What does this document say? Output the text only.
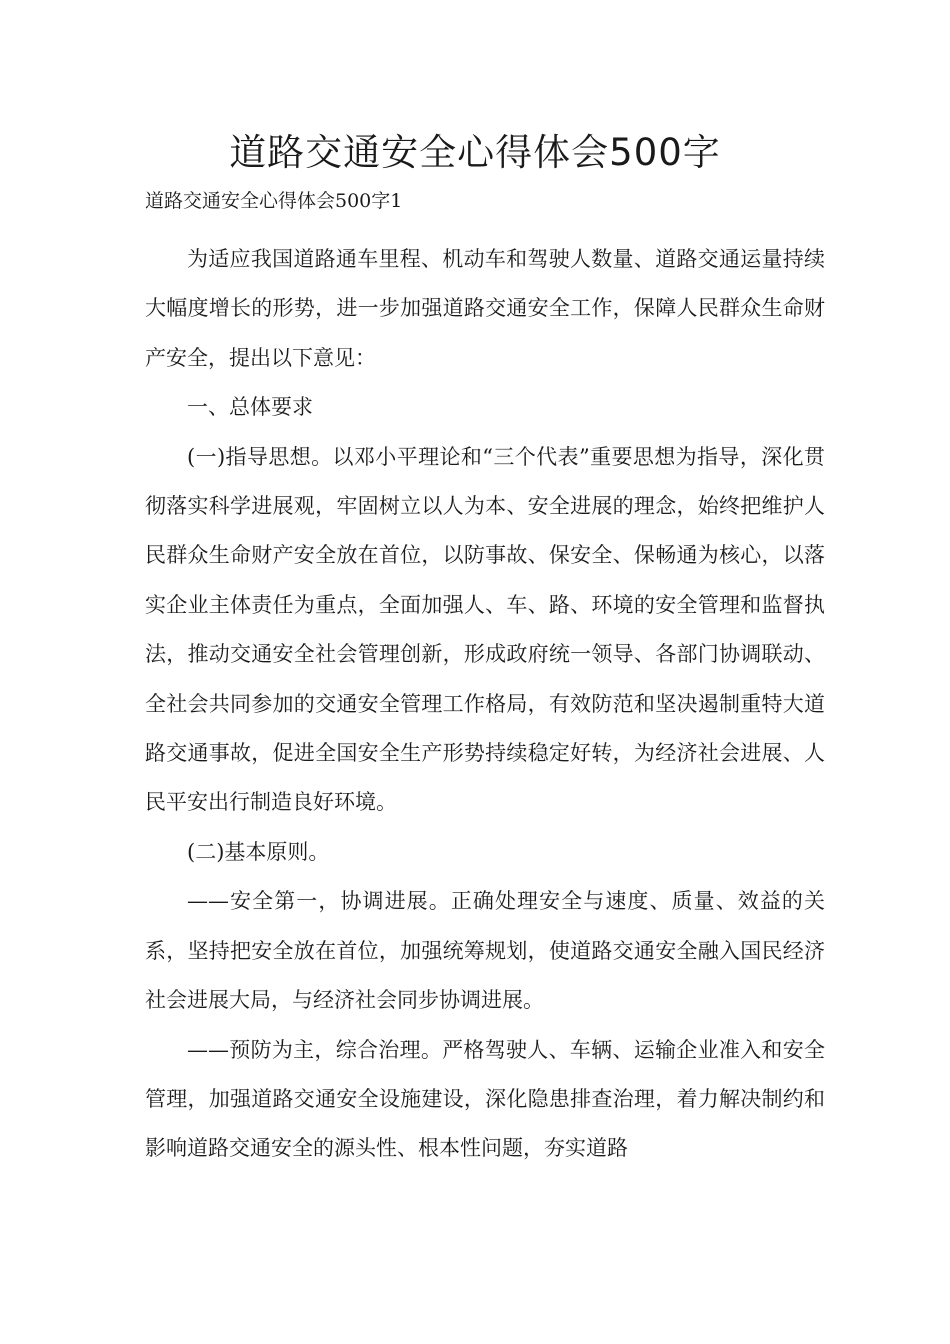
道路交通安全心得体会500字
道路交通安全心得体会500字1

为适应我国道路通车里程、机动车和驾驶人数量、道路交通运量持续大幅度增长的形势，进一步加强道路交通安全工作，保障人民群众生命财产安全，提出以下意见：

一、总体要求

(一)指导思想。以邓小平理论和“三个代表”重要思想为指导，深化贯彻落实科学进展观，牢固树立以人为本、安全进展的理念，始终把维护人民群众生命财产安全放在首位，以防事故、保安全、保畅通为核心，以落实企业主体责任为重点，全面加强人、车、路、环境的安全管理和监督执法，推动交通安全社会管理创新，形成政府统一领导、各部门协调联动、全社会共同参加的交通安全管理工作格局，有效防范和坚决遏制重特大道路交通事故，促进全国安全生产形势持续稳定好转，为经济社会进展、人民平安出行制造良好环境。

(二)基本原则。

——安全第一，协调进展。正确处理安全与速度、质量、效益的关系，坚持把安全放在首位，加强统筹规划，使道路交通安全融入国民经济社会进展大局，与经济社会同步协调进展。

——预防为主，综合治理。严格驾驶人、车辆、运输企业准入和安全管理，加强道路交通安全设施建设，深化隐患排查治理，着力解决制约和影响道路交通安全的源头性、根本性问题，夯实道路
